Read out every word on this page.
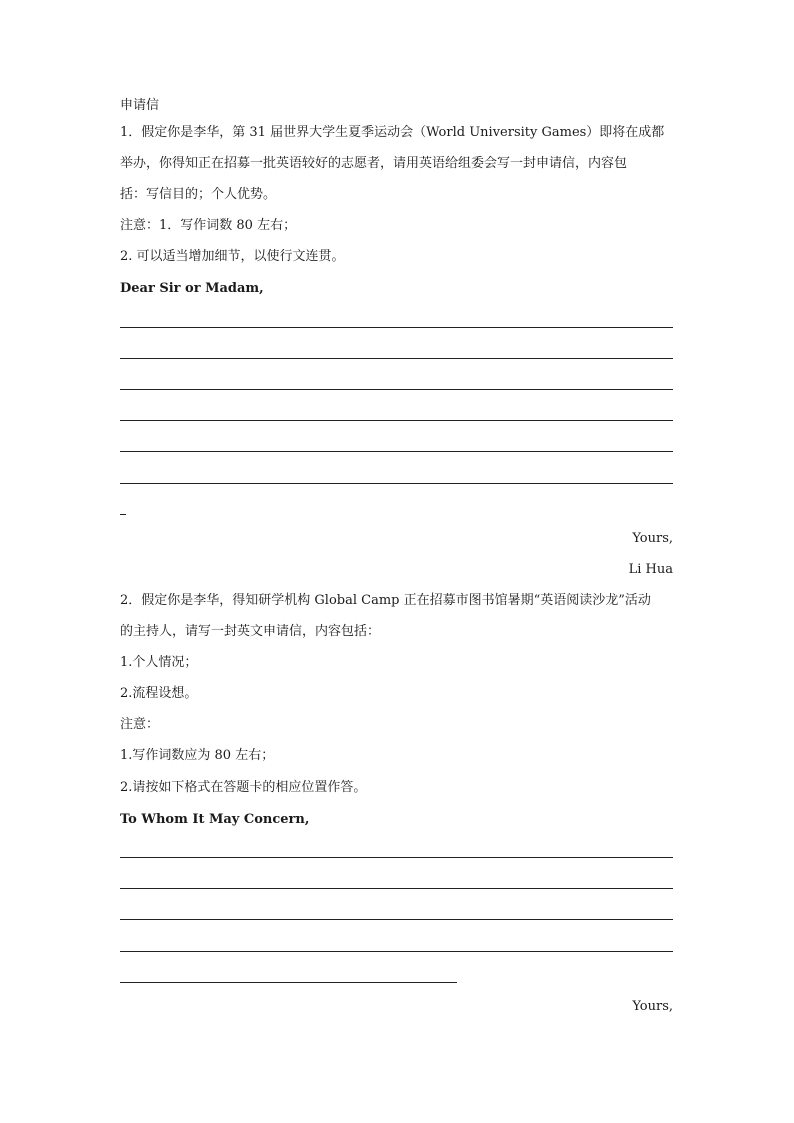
申请信
1．假定你是李华，第 31 届世界大学生夏季运动会（World University Games）即将在成都
举办，你得知正在招募一批英语较好的志愿者，请用英语给组委会写一封申请信，内容包
括：写信目的；个人优势。
注意：1．写作词数 80 左右；
2. 可以适当增加细节，以使行文连贯。
Dear Sir or Madam,
Yours,
Li Hua
2．假定你是李华，得知研学机构 Global Camp 正在招募市图书馆暑期“英语阅读沙龙”活动
的主持人，请写一封英文申请信，内容包括：
1.个人情况；
2.流程设想。
注意：
1.写作词数应为 80 左右；
2.请按如下格式在答题卡的相应位置作答。
To Whom It May Concern,
Yours,
